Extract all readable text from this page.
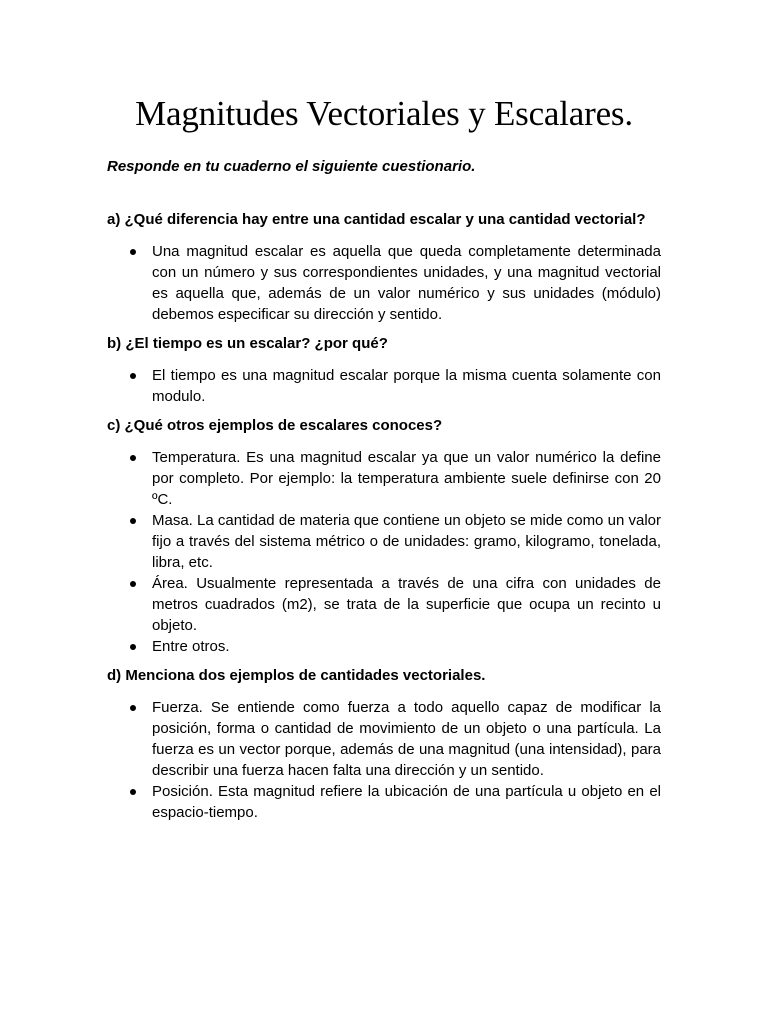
Magnitudes Vectoriales y Escalares.

Responde en tu cuaderno el siguiente cuestionario.

a) ¿Qué diferencia hay entre una cantidad escalar y una cantidad vectorial?

Una magnitud escalar es aquella que queda completamente determinada con un número y sus correspondientes unidades, y una magnitud vectorial es aquella que, además de un valor numérico y sus unidades (módulo) debemos especificar su dirección y sentido.

b) ¿El tiempo es un escalar? ¿por qué?

El tiempo es una magnitud escalar porque la misma cuenta solamente con modulo.

c) ¿Qué otros ejemplos de escalares conoces?

Temperatura. Es una magnitud escalar ya que un valor numérico la define por completo. Por ejemplo: la temperatura ambiente suele definirse con 20 ºC.
Masa. La cantidad de materia que contiene un objeto se mide como un valor fijo a través del sistema métrico o de unidades: gramo, kilogramo, tonelada, libra, etc.
Área. Usualmente representada a través de una cifra con unidades de metros cuadrados (m2), se trata de la superficie que ocupa un recinto u objeto.
Entre otros.

d) Menciona dos ejemplos de cantidades vectoriales.

Fuerza. Se entiende como fuerza a todo aquello capaz de modificar la posición, forma o cantidad de movimiento de un objeto o una partícula. La fuerza es un vector porque, además de una magnitud (una intensidad), para describir una fuerza hacen falta una dirección y un sentido.
Posición. Esta magnitud refiere la ubicación de una partícula u objeto en el espacio-tiempo.
